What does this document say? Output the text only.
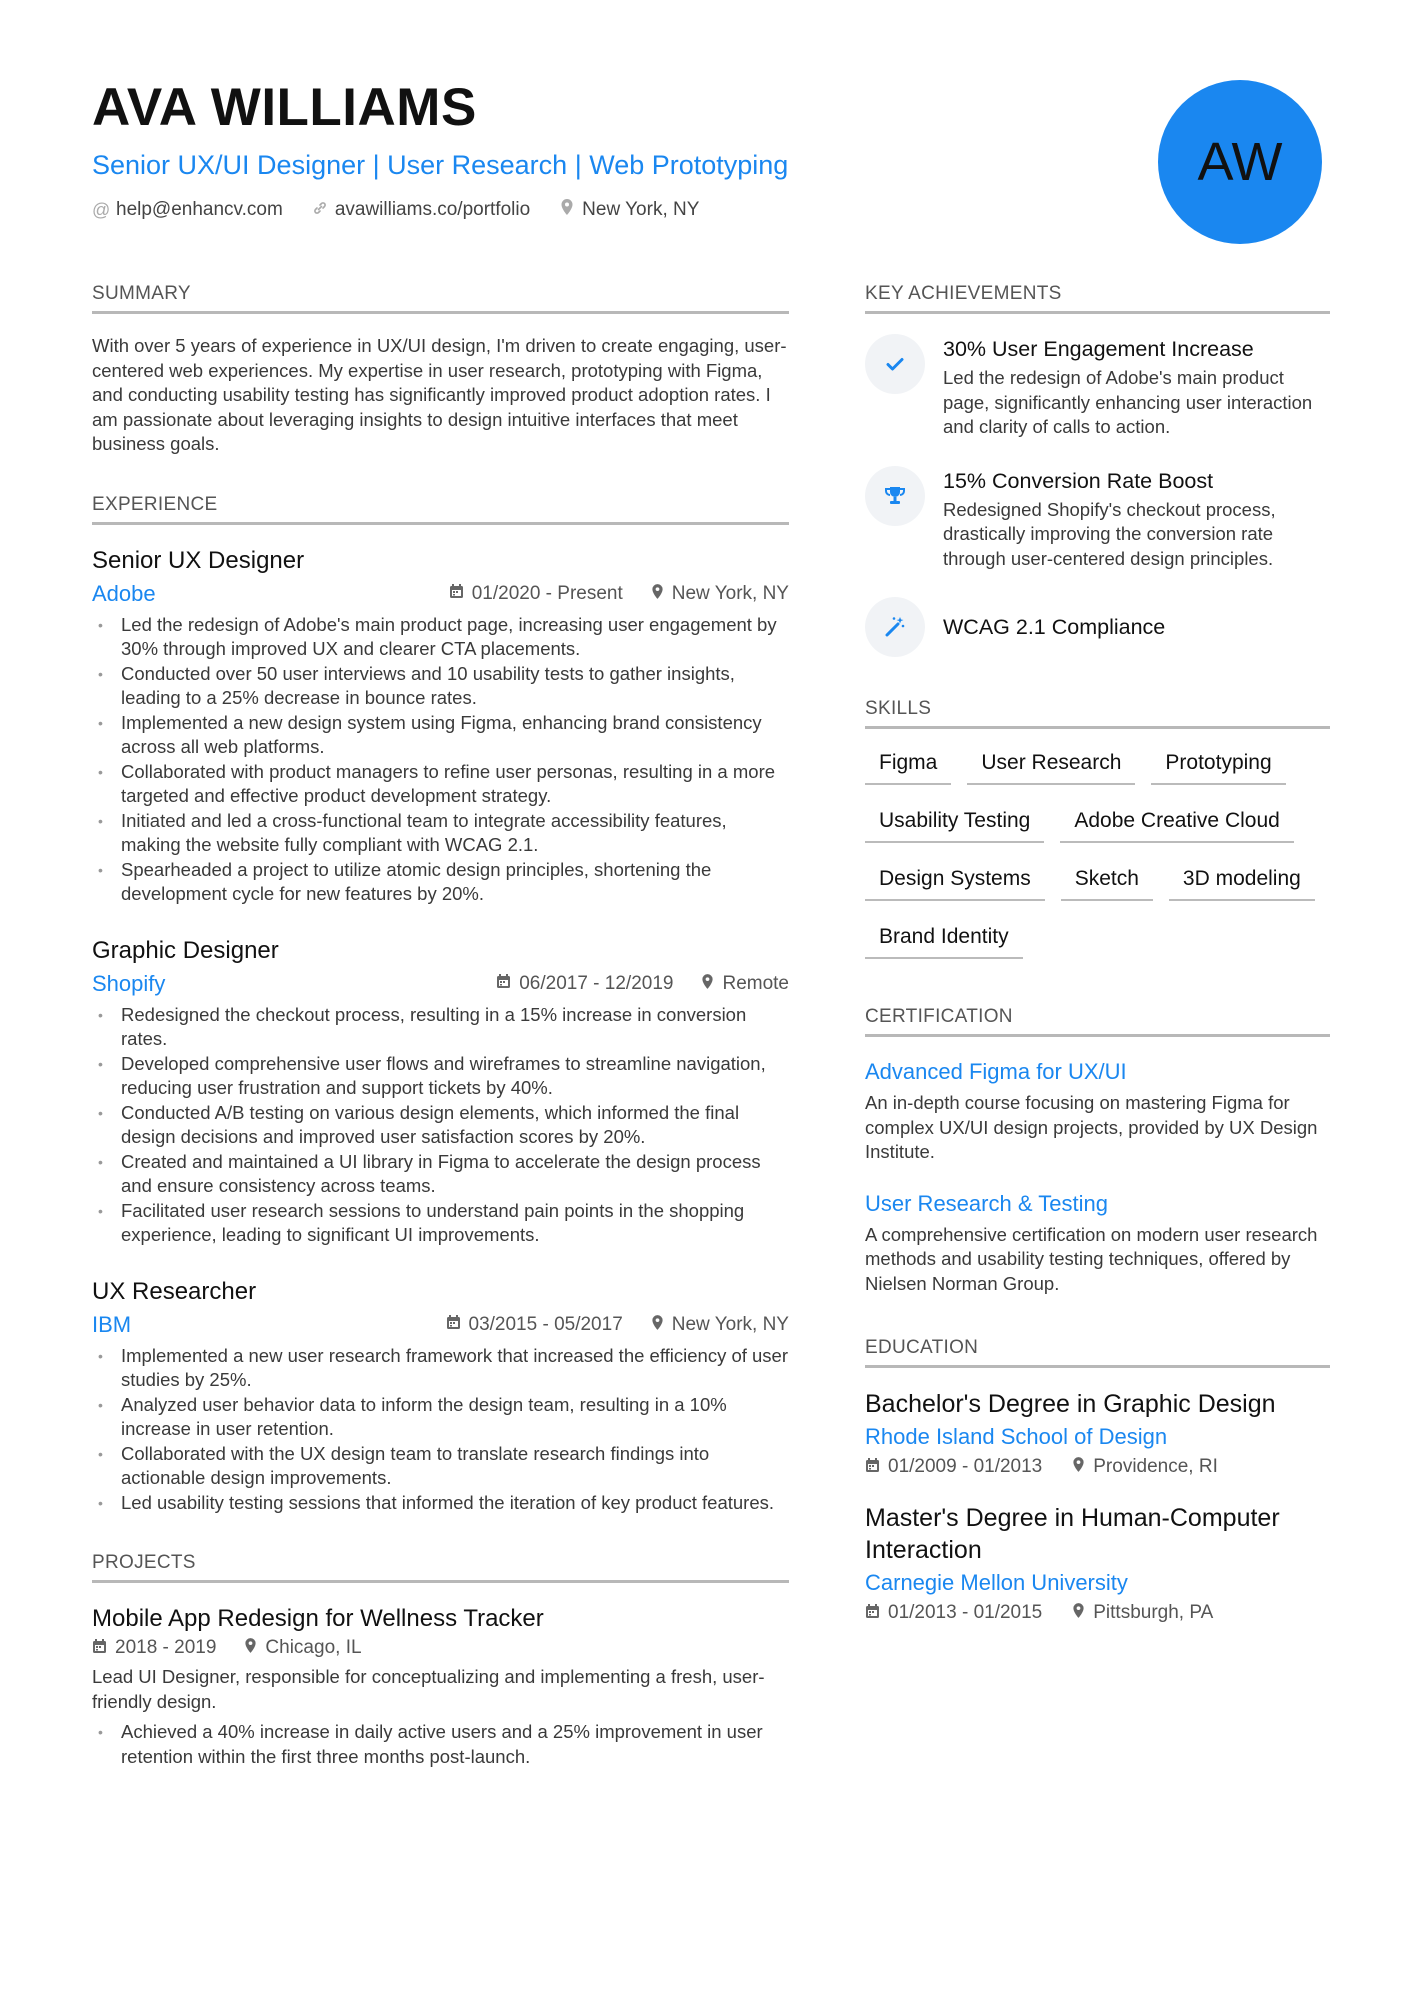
AVA WILLIAMS
Senior UX/UI Designer | User Research | Web Prototyping
@ help@enhancv.com	avawilliams.co/portfolio	New York, NY
AW
SUMMARY
With over 5 years of experience in UX/UI design, I'm driven to create engaging, user-centered web experiences. My expertise in user research, prototyping with Figma, and conducting usability testing has significantly improved product adoption rates. I am passionate about leveraging insights to design intuitive interfaces that meet business goals.
EXPERIENCE
Senior UX Designer
Adobe	01/2020 - Present	New York, NY
• Led the redesign of Adobe's main product page, increasing user engagement by 30% through improved UX and clearer CTA placements.
• Conducted over 50 user interviews and 10 usability tests to gather insights, leading to a 25% decrease in bounce rates.
• Implemented a new design system using Figma, enhancing brand consistency across all web platforms.
• Collaborated with product managers to refine user personas, resulting in a more targeted and effective product development strategy.
• Initiated and led a cross-functional team to integrate accessibility features, making the website fully compliant with WCAG 2.1.
• Spearheaded a project to utilize atomic design principles, shortening the development cycle for new features by 20%.
Graphic Designer
Shopify	06/2017 - 12/2019	Remote
• Redesigned the checkout process, resulting in a 15% increase in conversion rates.
• Developed comprehensive user flows and wireframes to streamline navigation, reducing user frustration and support tickets by 40%.
• Conducted A/B testing on various design elements, which informed the final design decisions and improved user satisfaction scores by 20%.
• Created and maintained a UI library in Figma to accelerate the design process and ensure consistency across teams.
• Facilitated user research sessions to understand pain points in the shopping experience, leading to significant UI improvements.
UX Researcher
IBM	03/2015 - 05/2017	New York, NY
• Implemented a new user research framework that increased the efficiency of user studies by 25%.
• Analyzed user behavior data to inform the design team, resulting in a 10% increase in user retention.
• Collaborated with the UX design team to translate research findings into actionable design improvements.
• Led usability testing sessions that informed the iteration of key product features.
PROJECTS
Mobile App Redesign for Wellness Tracker
2018 - 2019	Chicago, IL
Lead UI Designer, responsible for conceptualizing and implementing a fresh, user-friendly design.
• Achieved a 40% increase in daily active users and a 25% improvement in user retention within the first three months post-launch.
KEY ACHIEVEMENTS
30% User Engagement Increase
Led the redesign of Adobe's main product page, significantly enhancing user interaction and clarity of calls to action.
15% Conversion Rate Boost
Redesigned Shopify's checkout process, drastically improving the conversion rate through user-centered design principles.
WCAG 2.1 Compliance
SKILLS
Figma	User Research	Prototyping
Usability Testing	Adobe Creative Cloud
Design Systems	Sketch	3D modeling
Brand Identity
CERTIFICATION
Advanced Figma for UX/UI
An in-depth course focusing on mastering Figma for complex UX/UI design projects, provided by UX Design Institute.
User Research & Testing
A comprehensive certification on modern user research methods and usability testing techniques, offered by Nielsen Norman Group.
EDUCATION
Bachelor's Degree in Graphic Design
Rhode Island School of Design
01/2009 - 01/2013	Providence, RI
Master's Degree in Human-Computer Interaction
Carnegie Mellon University
01/2013 - 01/2015	Pittsburgh, PA
